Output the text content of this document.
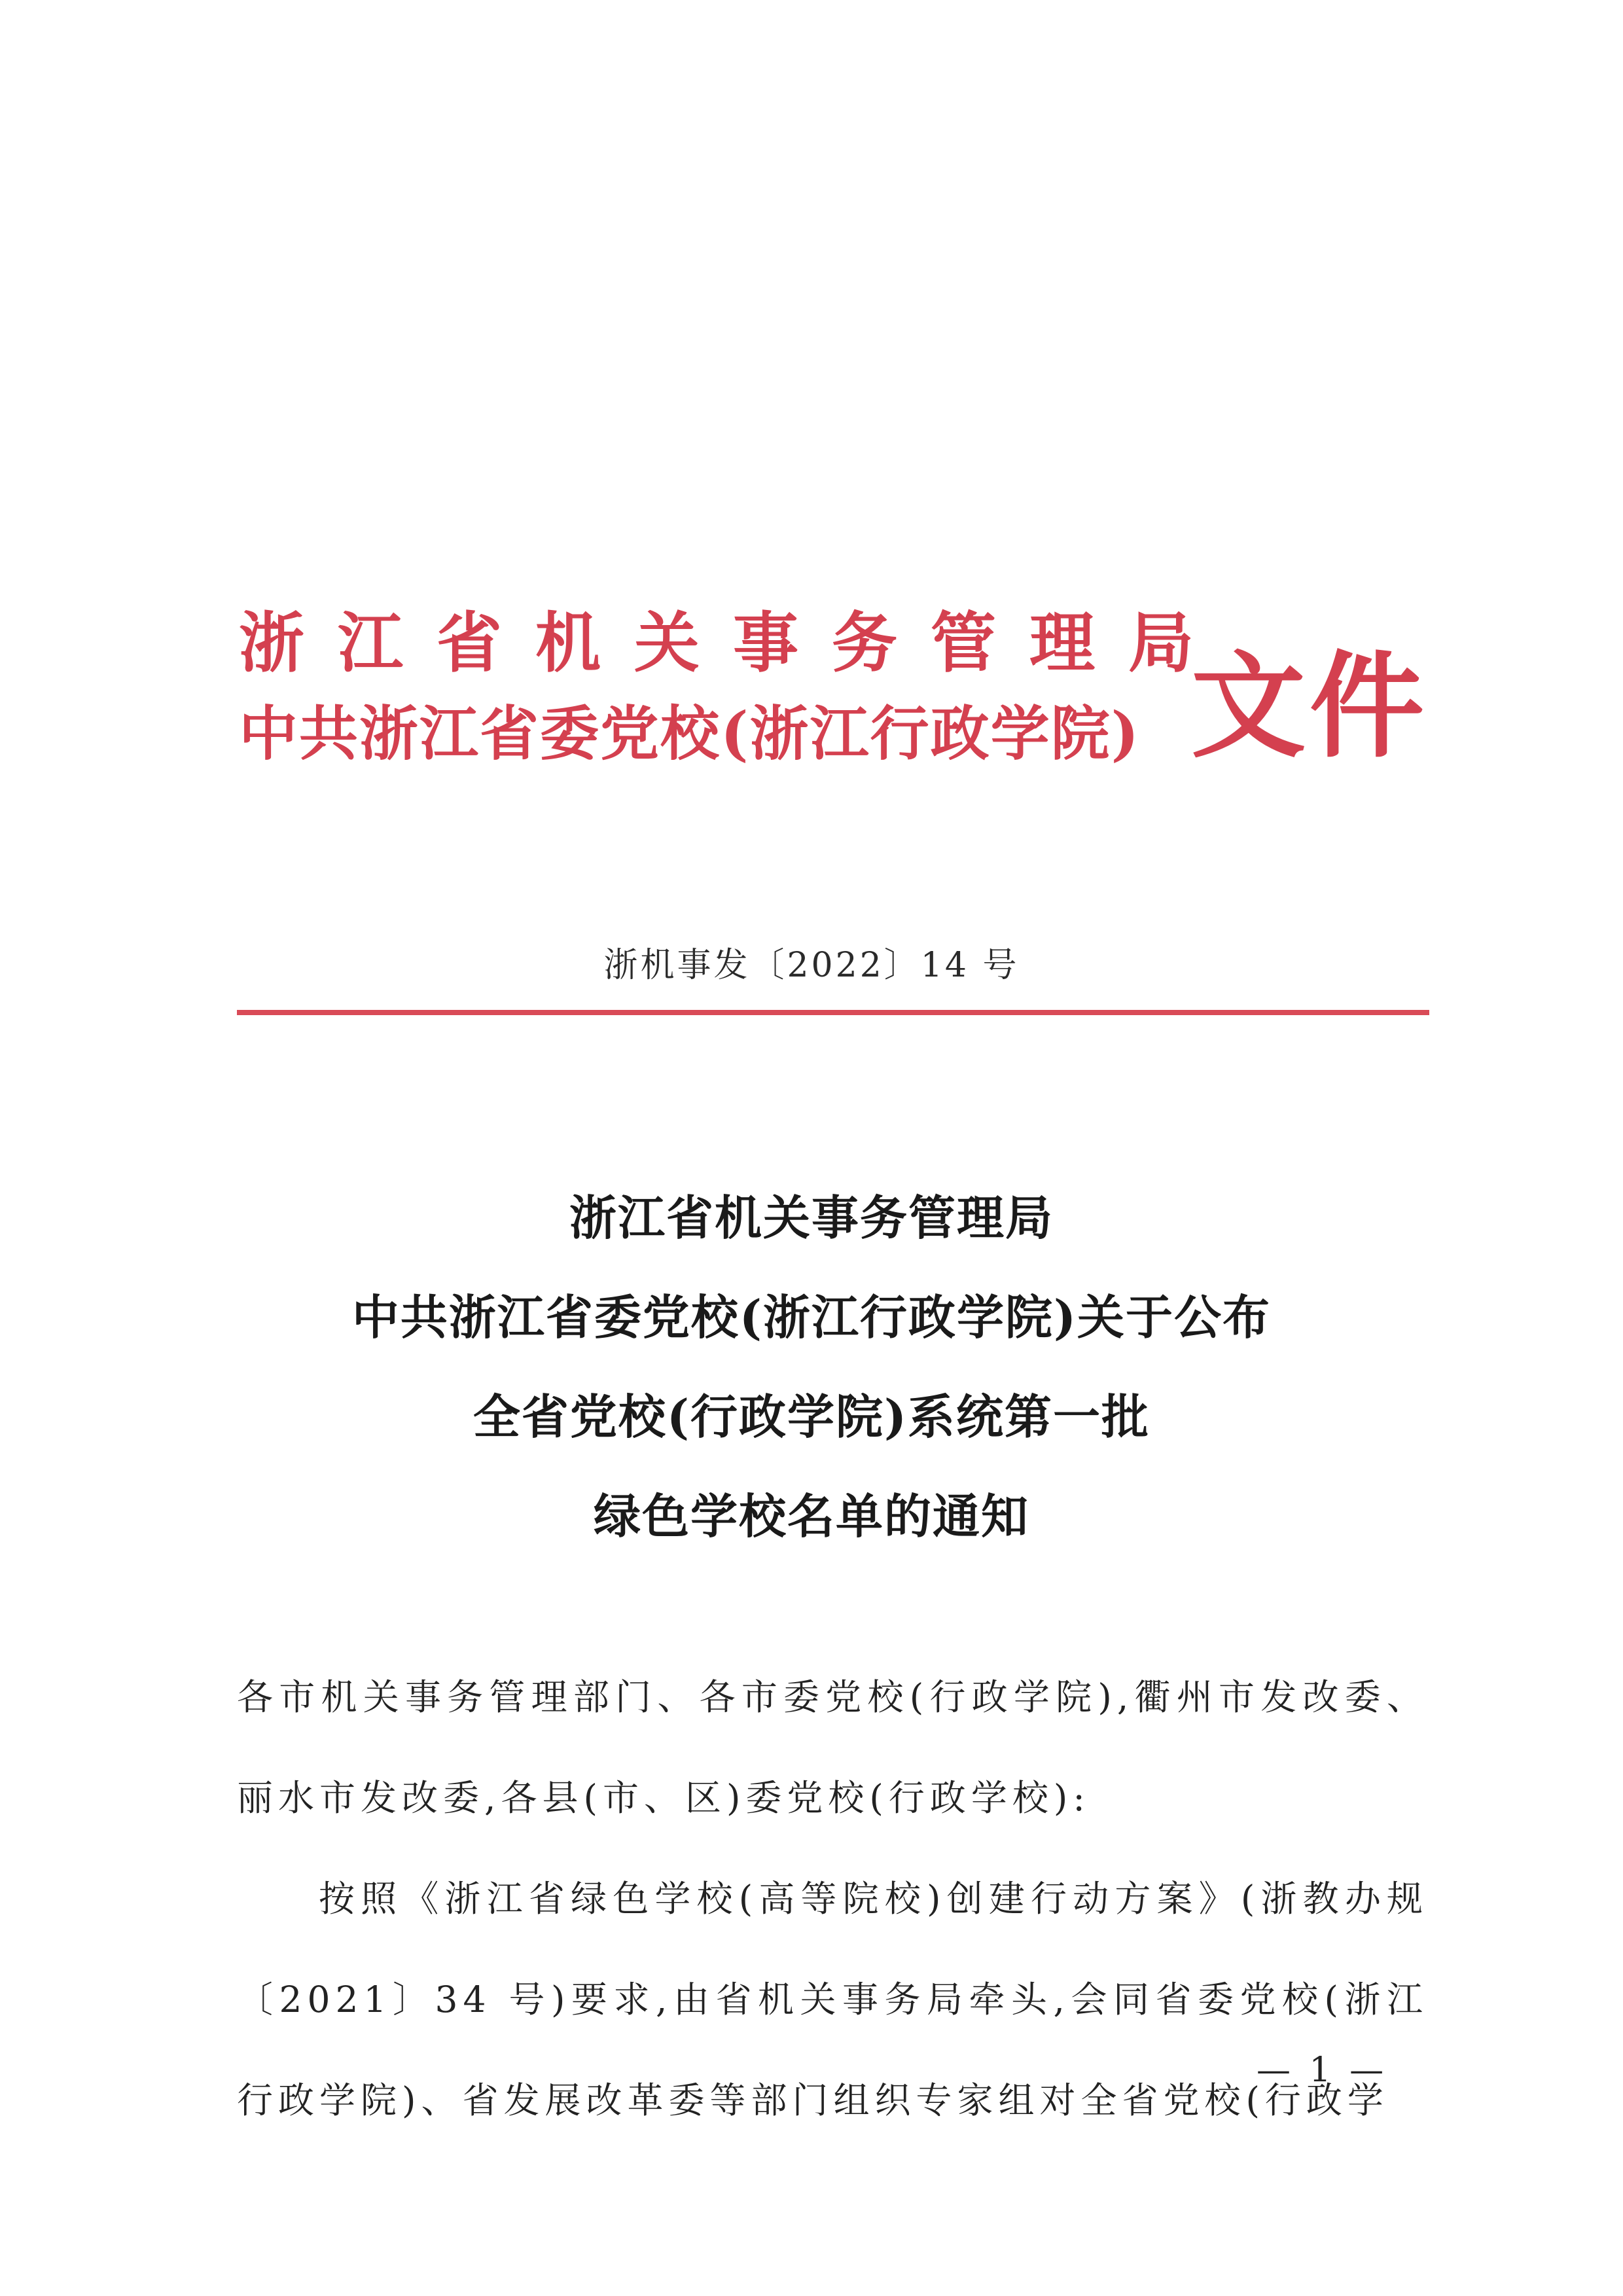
浙江省机关事务管理局
中共浙江省委党校(浙江行政学院) 文件
浙机事发〔2022〕14 号
浙江省机关事务管理局
中共浙江省委党校(浙江行政学院)关于公布
全省党校(行政学院)系统第一批
绿色学校名单的通知

各市机关事务管理部门、各市委党校(行政学院),衢州市发改委、丽水市发改委,各县(市、区)委党校(行政学校):

按照《浙江省绿色学校(高等院校)创建行动方案》(浙教办规〔2021〕34 号)要求,由省机关事务局牵头,会同省委党校(浙江行政学院)、省发展改革委等部门组织专家组对全省党校(行政学

— 1 —
